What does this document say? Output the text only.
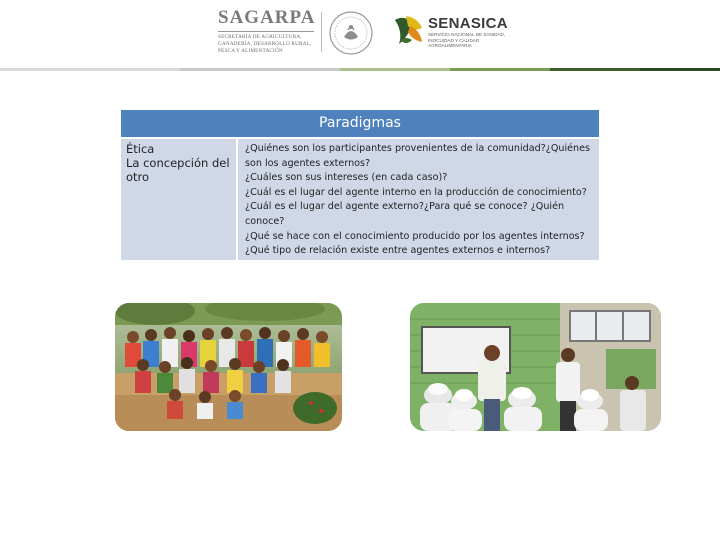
SAGARPA
SECRETARÍA DE AGRICULTURA,
GANADERÍA, DESARROLLO RURAL,
PESCA Y ALIMENTACIÓN
SENASICA
SERVICIO NACIONAL DE SANIDAD,
INOCUIDAD Y CALIDAD
AGROALIMENTARIA
Paradigmas
Ética
La concepción del otro
¿Quiénes son los participantes provenientes de la comunidad?¿Quiénes son los agentes externos?
¿Cuáles son sus intereses (en cada caso)?
¿Cuál es el lugar del agente interno en la producción de conocimiento?¿Cuál es el lugar del agente externo?¿Para qué se conoce? ¿Quién conoce?
¿Qué se hace con el conocimiento producido por los agentes internos?
¿Qué tipo de relación existe entre agentes externos e internos?
